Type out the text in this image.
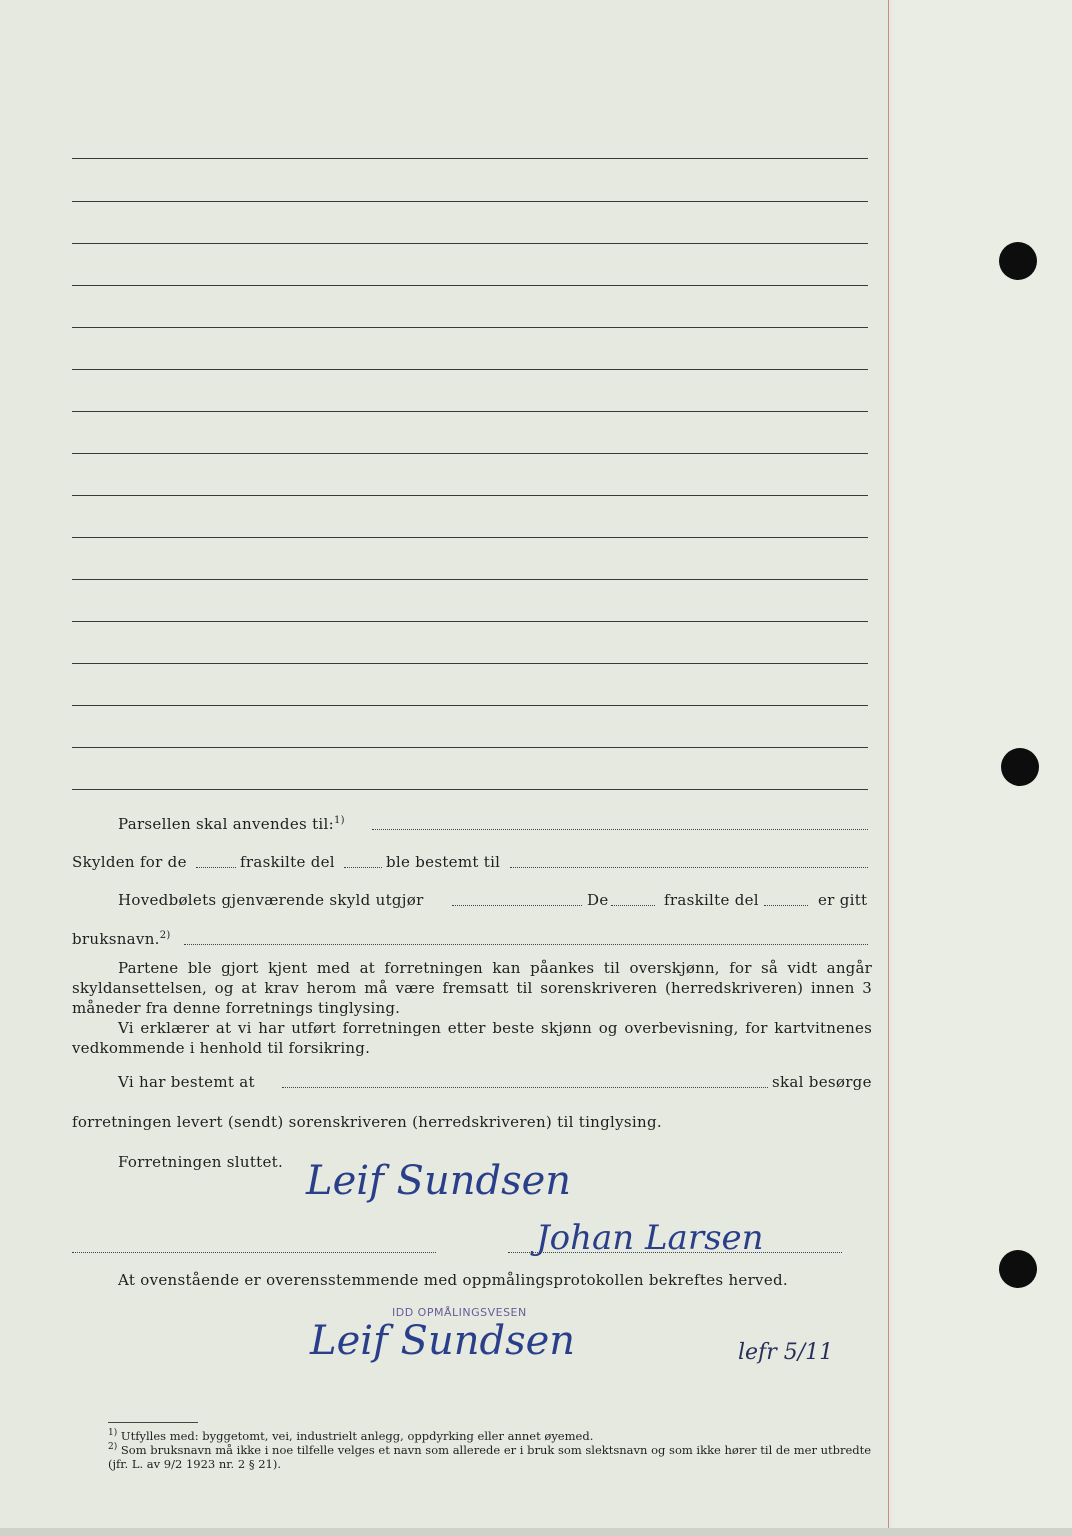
Parsellen skal anvendes til:$^{1)}$
Skylden for de	fraskilte del	ble bestemt til
Hovedbølets gjenværende skyld utgjør	De	fraskilte del	er gitt
bruksnavn.$^{2)}$
Partene ble gjort kjent med at forretningen kan påankes til overskjønn, for så vidt angår skyldansettelsen, og at krav herom må være fremsatt til sorenskriveren (herredskriveren) innen 3 måneder fra denne forretnings tinglysing.
Vi erklærer at vi har utført forretningen etter beste skjønn og overbevisning, for kartvitnenes vedkommende i henhold til forsikring.
Vi har bestemt at	skal besørge
forretningen levert (sendt) sorenskriveren (herredskriveren) til tinglysing.
Forretningen sluttet. Leif Sundsen
Johan Larsen
At ovenstående er overensstemmende med oppmålingsprotokollen bekreftes herved.
IDD OPMÅLINGSVESEN
Leif Sundsen	lefr 5/11
$^{1)}$ Utfylles med: byggetomt, vei, industrielt anlegg, oppdyrking eller annet øyemed.
$^{2)}$ Som bruksnavn må ikke i noe tilfelle velges et navn som allerede er i bruk som slektsnavn og som ikke hører til de mer utbredte (jfr. L. av 9/2 1923 nr. 2 § 21).
